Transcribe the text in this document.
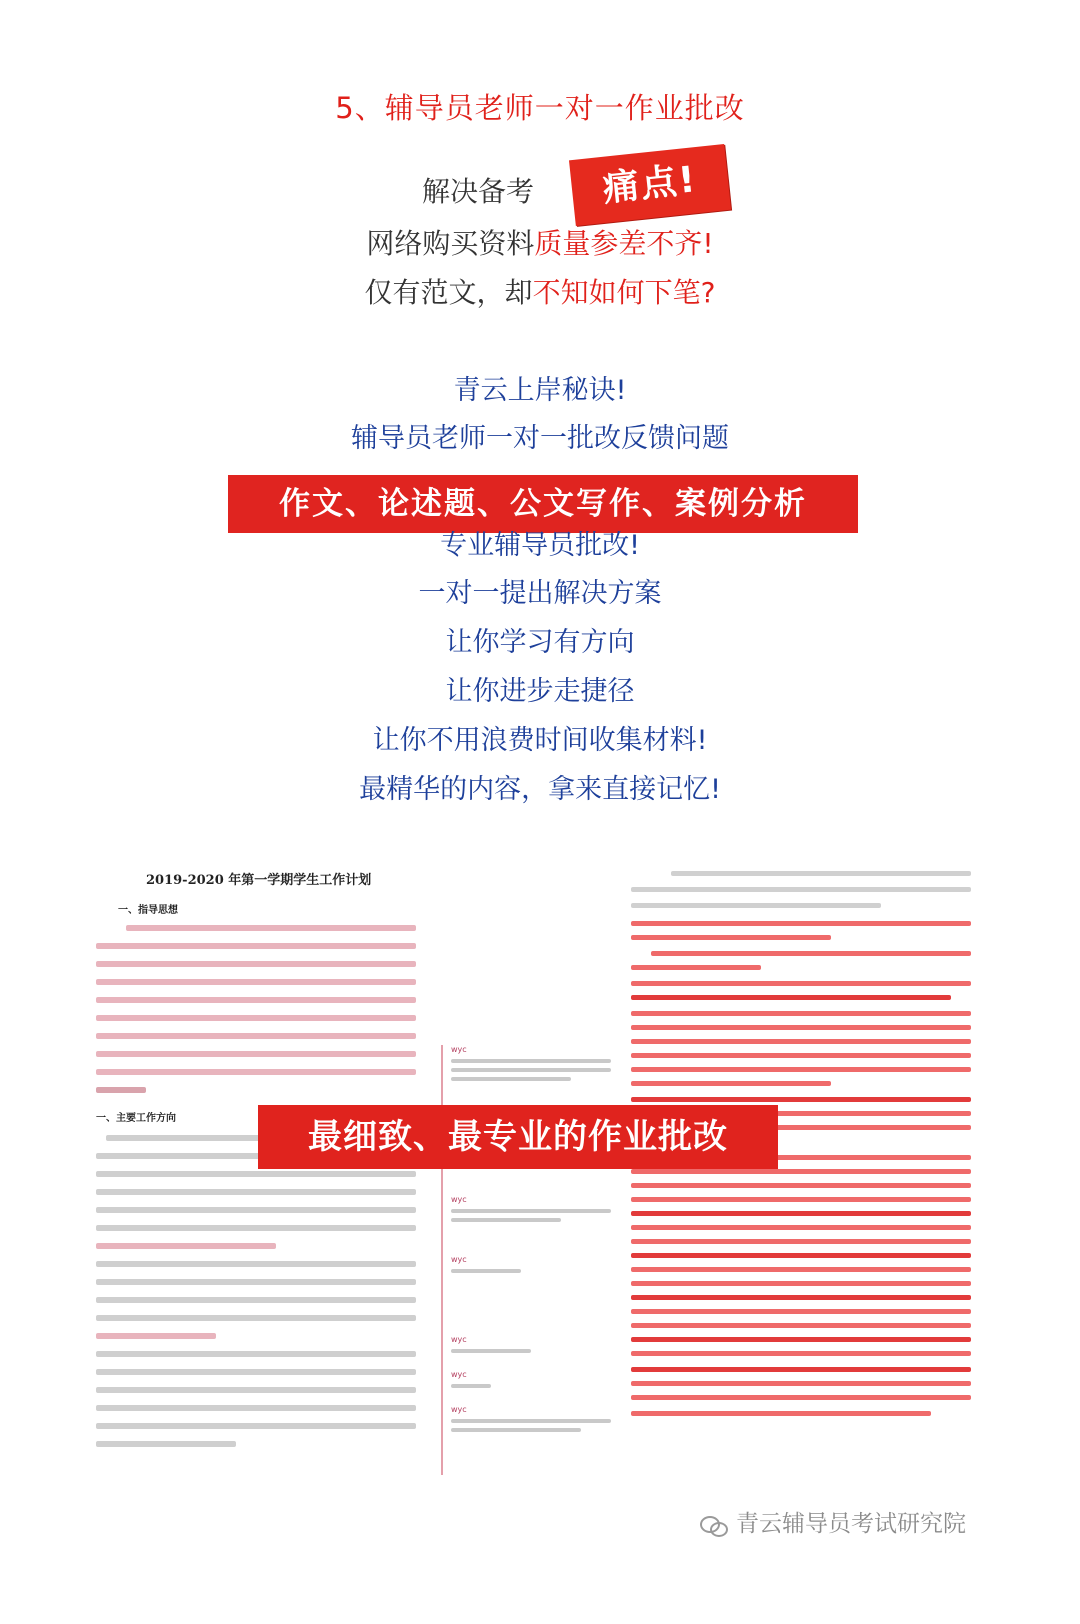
5、辅导员老师一对一作业批改
解决备考	痛点!
网络购买资料质量参差不齐!
仅有范文，却不知如何下笔?
青云上岸秘诀!
辅导员老师一对一批改反馈问题
作文、论述题、公文写作、案例分析
专业辅导员批改!
一对一提出解决方案
让你学习有方向
让你进步走捷径
让你不用浪费时间收集材料!
最精华的内容，拿来直接记忆!
2019-2020 年第一学期学生工作计划
一、指导思想
一、主要工作方向
wyc
wyc
wyc
wyc
wyc
wyc
最细致、最专业的作业批改
青云辅导员考试研究院
